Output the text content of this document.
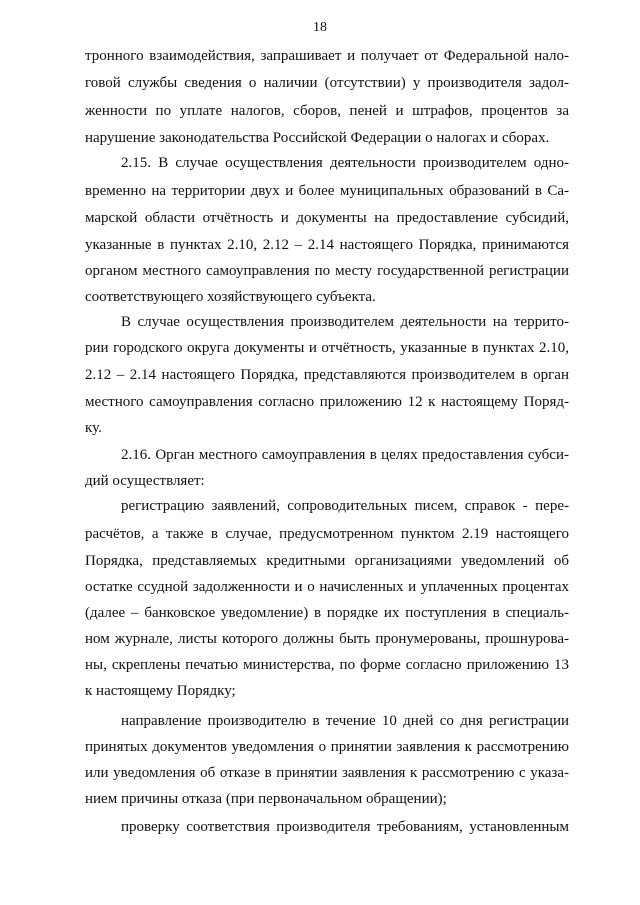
18
тронного взаимодействия, запрашивает и получает от Федеральной нало-
говой службы сведения о наличии (отсутствии) у производителя задол-
женности по уплате налогов, сборов, пеней и штрафов, процентов за
нарушение законодательства Российской Федерации о налогах и сборах.
2.15. В случае осуществления деятельности производителем одно-
временно на территории двух и более муниципальных образований в Са-
марской области отчётность и документы на предоставление субсидий,
указанные в пунктах 2.10, 2.12 – 2.14 настоящего Порядка, принимаются
органом местного самоуправления по месту государственной регистрации
соответствующего хозяйствующего субъекта.
В случае осуществления производителем деятельности на террито-
рии городского округа документы и отчётность, указанные в пунктах 2.10,
2.12 – 2.14 настоящего Порядка, представляются производителем в орган
местного самоуправления согласно приложению 12 к настоящему Поряд-
ку.
2.16. Орган местного самоуправления в целях предоставления субси-
дий осуществляет:
регистрацию заявлений, сопроводительных писем, справок - пере-
расчётов, а также в случае, предусмотренном пунктом 2.19 настоящего
Порядка, представляемых кредитными организациями уведомлений об
остатке ссудной задолженности и о начисленных и уплаченных процентах
(далее – банковское уведомление) в порядке их поступления в специаль-
ном журнале, листы которого должны быть пронумерованы, прошнурова-
ны, скреплены печатью министерства, по форме согласно приложению 13
к настоящему Порядку;
направление производителю в течение 10 дней со дня регистрации
принятых документов уведомления о принятии заявления к рассмотрению
или уведомления об отказе в принятии заявления к рассмотрению с указа-
нием причины отказа (при первоначальном обращении);
проверку соответствия производителя требованиям, установленным
